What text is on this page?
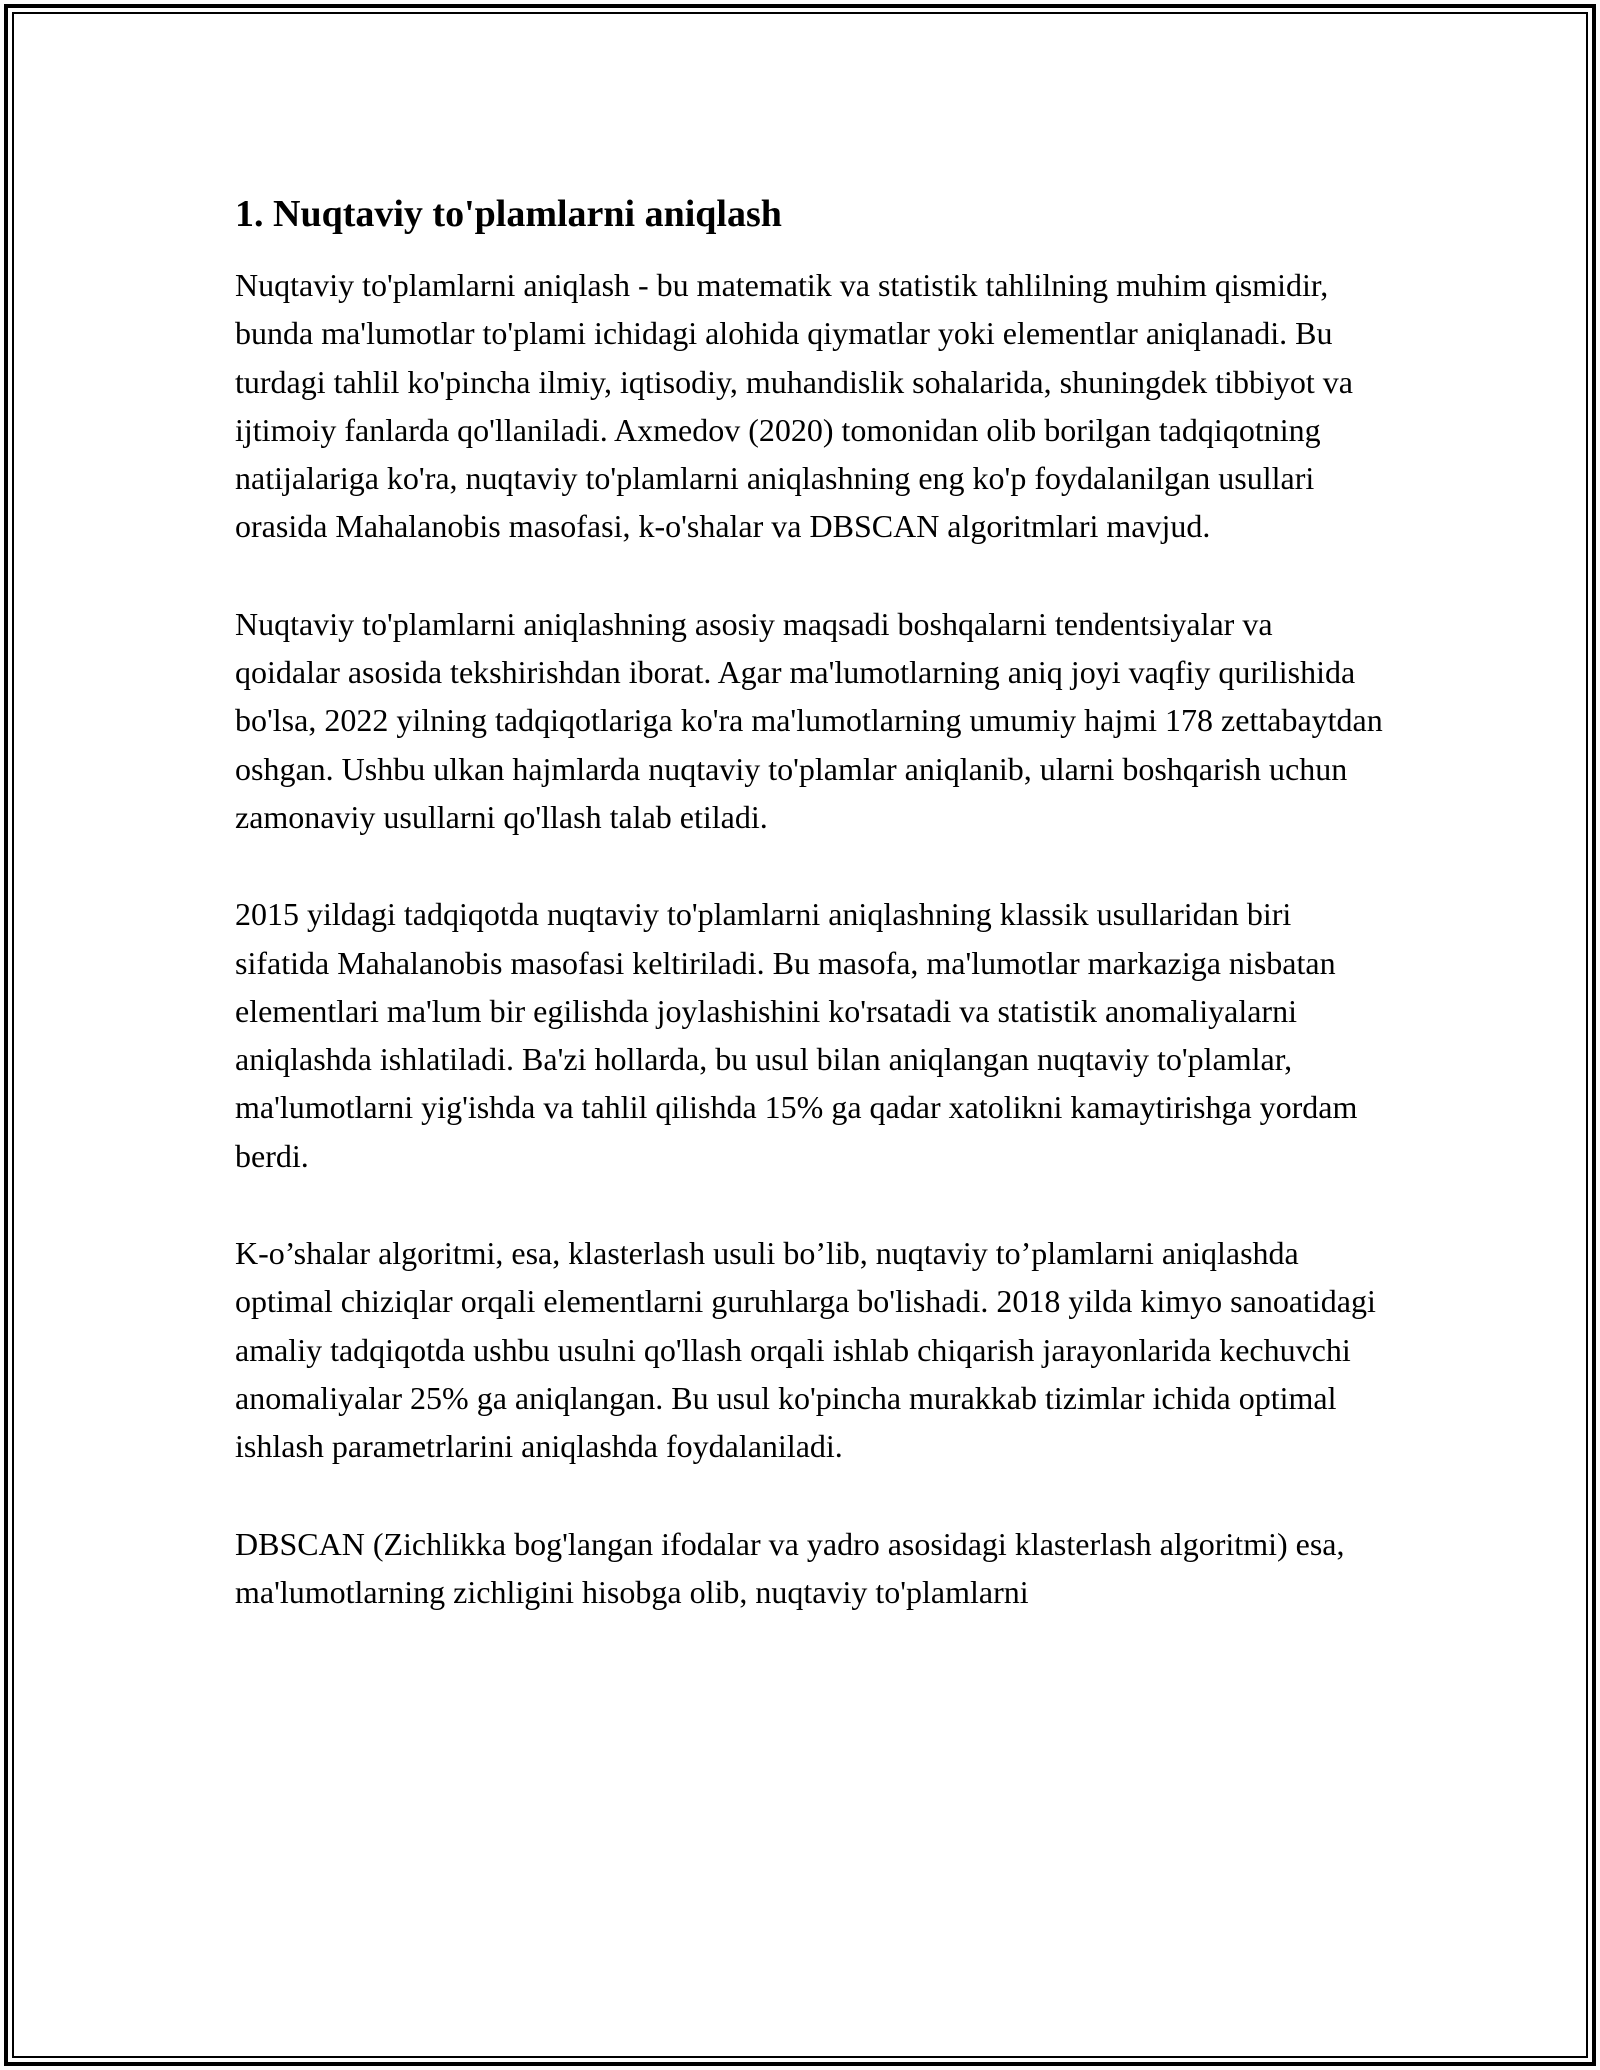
1. Nuqtaviy to'plamlarni aniqlash

Nuqtaviy to'plamlarni aniqlash - bu matematik va statistik tahlilning muhim qismidir, bunda ma'lumotlar to'plami ichidagi alohida qiymatlar yoki elementlar aniqlanadi. Bu turdagi tahlil ko'pincha ilmiy, iqtisodiy, muhandislik sohalarida, shuningdek tibbiyot va ijtimoiy fanlarda qo'llaniladi. Axmedov (2020) tomonidan olib borilgan tadqiqotning natijalariga ko'ra, nuqtaviy to'plamlarni aniqlashning eng ko'p foydalanilgan usullari orasida Mahalanobis masofasi, k-o'shalar va DBSCAN algoritmlari mavjud.

Nuqtaviy to'plamlarni aniqlashning asosiy maqsadi boshqalarni tendentsiyalar va qoidalar asosida tekshirishdan iborat. Agar ma'lumotlarning aniq joyi vaqfiy qurilishida bo'lsa, 2022 yilning tadqiqotlariga ko'ra ma'lumotlarning umumiy hajmi 178 zettabaytdan oshgan. Ushbu ulkan hajmlarda nuqtaviy to'plamlar aniqlanib, ularni boshqarish uchun zamonaviy usullarni qo'llash talab etiladi.

2015 yildagi tadqiqotda nuqtaviy to'plamlarni aniqlashning klassik usullaridan biri sifatida Mahalanobis masofasi keltiriladi. Bu masofa, ma'lumotlar markaziga nisbatan elementlari ma'lum bir egilishda joylashishini ko'rsatadi va statistik anomaliyalarni aniqlashda ishlatiladi. Ba'zi hollarda, bu usul bilan aniqlangan nuqtaviy to'plamlar, ma'lumotlarni yig'ishda va tahlil qilishda 15% ga qadar xatolikni kamaytirishga yordam berdi.

K-o’shalar algoritmi, esa, klasterlash usuli bo’lib, nuqtaviy to’plamlarni aniqlashda optimal chiziqlar orqali elementlarni guruhlarga bo'lishadi. 2018 yilda kimyo sanoatidagi amaliy tadqiqotda ushbu usulni qo'llash orqali ishlab chiqarish jarayonlarida kechuvchi anomaliyalar 25% ga aniqlangan. Bu usul ko'pincha murakkab tizimlar ichida optimal ishlash parametrlarini aniqlashda foydalaniladi.

DBSCAN (Zichlikka bog'langan ifodalar va yadro asosidagi klasterlash algoritmi) esa, ma'lumotlarning zichligini hisobga olib, nuqtaviy to'plamlarni
